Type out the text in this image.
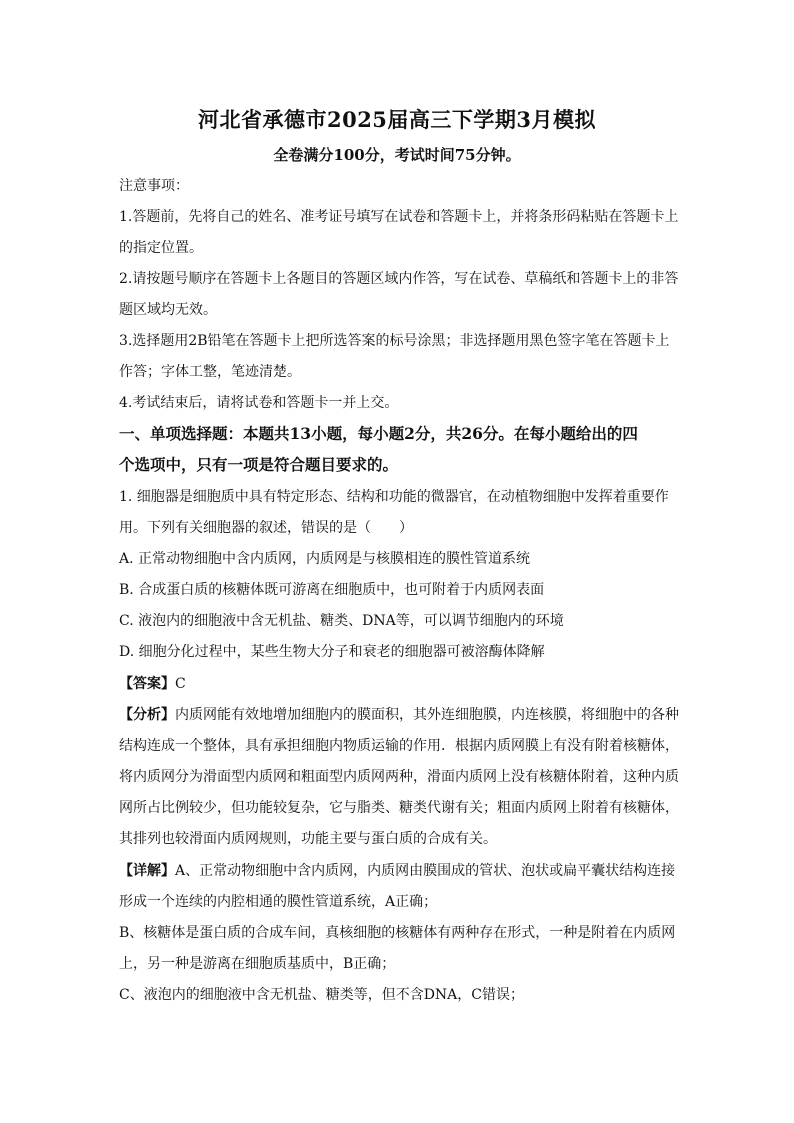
河北省承德市2025届高三下学期3月模拟
全卷满分100分，考试时间75分钟。
注意事项：
1.答题前，先将自己的姓名、准考证号填写在试卷和答题卡上，并将条形码粘贴在答题卡上
的指定位置。
2.请按题号顺序在答题卡上各题目的答题区域内作答，写在试卷、草稿纸和答题卡上的非答
题区域均无效。
3.选择题用2B铅笔在答题卡上把所选答案的标号涂黑；非选择题用黑色签字笔在答题卡上
作答；字体工整，笔迹清楚。
4.考试结束后，请将试卷和答题卡一并上交。
一、单项选择题：本题共13小题，每小题2分，共26分。在每小题给出的四
个选项中，只有一项是符合题目要求的。
1. 细胞器是细胞质中具有特定形态、结构和功能的微器官，在动植物细胞中发挥着重要作
用。下列有关细胞器的叙述，错误的是（　　）
A. 正常动物细胞中含内质网，内质网是与核膜相连的膜性管道系统
B. 合成蛋白质的核糖体既可游离在细胞质中，也可附着于内质网表面
C. 液泡内的细胞液中含无机盐、糖类、DNA等，可以调节细胞内的环境
D. 细胞分化过程中，某些生物大分子和衰老的细胞器可被溶酶体降解
【答案】C
【分析】内质网能有效地增加细胞内的膜面积，其外连细胞膜，内连核膜，将细胞中的各种
结构连成一个整体，具有承担细胞内物质运输的作用．根据内质网膜上有没有附着核糖体，
将内质网分为滑面型内质网和粗面型内质网两种，滑面内质网上没有核糖体附着，这种内质
网所占比例较少，但功能较复杂，它与脂类、糖类代谢有关；粗面内质网上附着有核糖体，
其排列也较滑面内质网规则，功能主要与蛋白质的合成有关。
【详解】A、正常动物细胞中含内质网，内质网由膜围成的管状、泡状或扁平囊状结构连接
形成一个连续的内腔相通的膜性管道系统，A正确；
B、核糖体是蛋白质的合成车间，真核细胞的核糖体有两种存在形式，一种是附着在内质网
上，另一种是游离在细胞质基质中，B正确；
C、液泡内的细胞液中含无机盐、糖类等，但不含DNA，C错误；
